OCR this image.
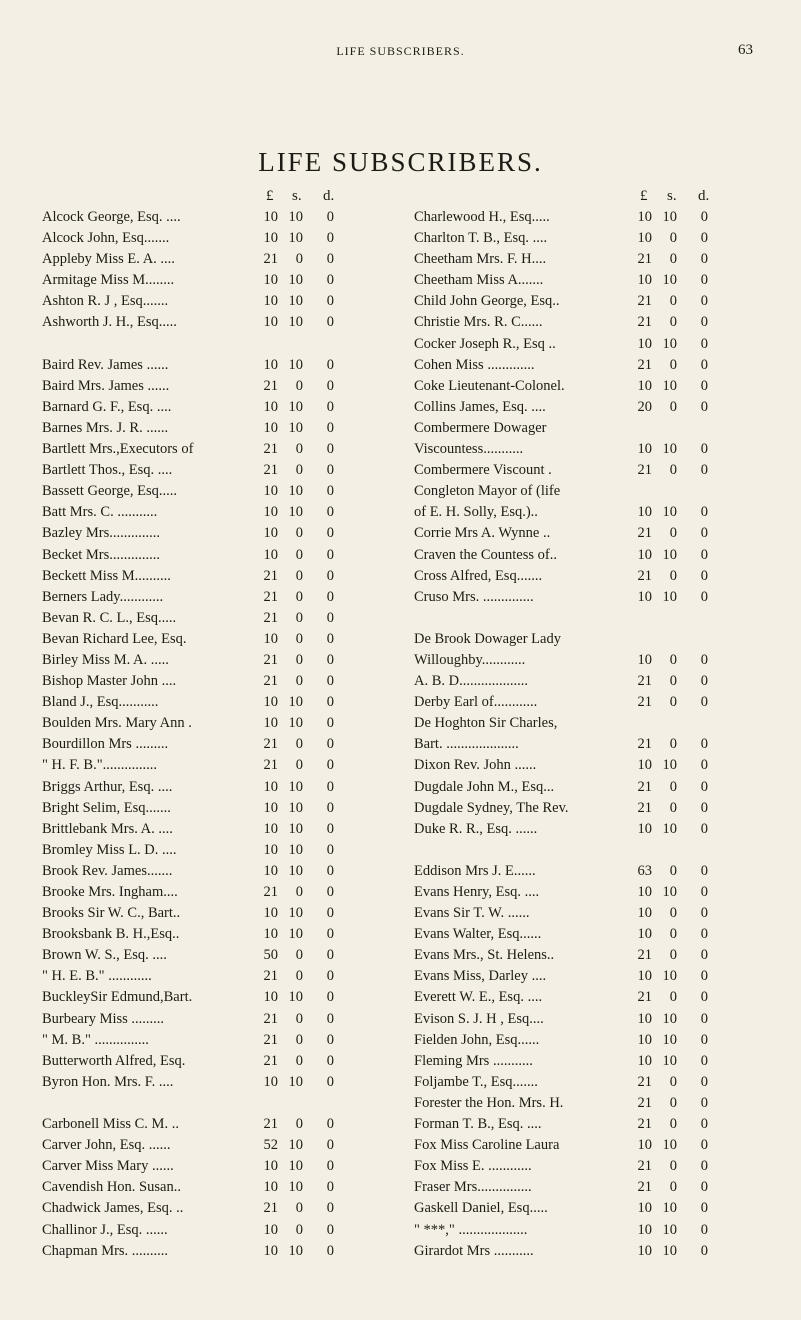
LIFE SUBSCRIBERS.	63
LIFE SUBSCRIBERS.
£ s. d.
Alcock George, Esq. ....	10 10	0
Alcock John, Esq.......	10 10	0
Appleby Miss E. A. ....	21	0	0
Armitage Miss M........	10 10	0
Ashton R. J , Esq.......	10 10	0
Ashworth J. H., Esq.....	10 10	0
Baird Rev. James ......	10 10	0
Baird Mrs. James ......	21	0	0
Barnard G. F., Esq. ....	10 10	0
Barnes Mrs. J. R. ......	10 10	0
Bartlett Mrs.,Executors of	21	0	0
Bartlett Thos., Esq. ....	21	0	0
Bassett George, Esq.....	10 10	0
Batt Mrs. C. ...........	10 10	0
Bazley Mrs..............	10	0	0
Becket Mrs..............	10	0	0
Beckett Miss M..........	21	0	0
Berners Lady............	21	0	0
Bevan R. C. L., Esq.....	21	0	0
Bevan Richard Lee, Esq.	10	0	0
Birley Miss M. A. .....	21	0	0
Bishop Master John ....	21	0	0
Bland J., Esq...........	10 10	0
Boulden Mrs. Mary Ann .	10 10	0
Bourdillon Mrs .........	21	0	0
" H. F. B."...............	21	0	0
Briggs Arthur, Esq. ....	10 10	0
Bright Selim, Esq.......	10 10	0
Brittlebank Mrs. A. ....	10 10	0
Bromley Miss L. D. ....	10 10	0
Brook Rev. James.......	10 10	0
Brooke Mrs. Ingham....	21	0	0
Brooks Sir W. C., Bart..	10 10	0
Brooksbank B. H.,Esq..	10 10	0
Brown W. S., Esq. ....	50	0	0
" H. E. B." ............	21	0	0
BuckleySir Edmund,Bart.	10 10	0
Burbeary Miss .........	21	0	0
" M. B." ...............	21	0	0
Butterworth Alfred, Esq.	21	0	0
Byron Hon. Mrs. F. ....	10 10	0
Carbonell Miss C. M. ..	21	0	0
Carver John, Esq. ......	52 10	0
Carver Miss Mary ......	10 10	0
Cavendish Hon. Susan..	10 10	0
Chadwick James, Esq. ..	21	0	0
Challinor J., Esq. ......	10	0	0
Chapman Mrs. ..........	10 10	0
£ s. d.
Charlewood H., Esq.....	10 10	0
Charlton T. B., Esq. ....	10	0	0
Cheetham Mrs. F. H....	21	0	0
Cheetham Miss A.......	10 10	0
Child John George, Esq..	21	0	0
Christie Mrs. R. C......	21	0	0
Cocker Joseph R., Esq ..	10 10	0
Cohen Miss .............	21	0	0
Coke Lieutenant-Colonel.	10 10	0
Collins James, Esq. ....	20	0	0
Combermere Dowager
Viscountess...........	10 10	0
Combermere Viscount .	21	0	0
Congleton Mayor of (life
of E. H. Solly, Esq.)..	10 10	0
Corrie Mrs A. Wynne ..	21	0	0
Craven the Countess of..	10 10	0
Cross Alfred, Esq.......	21	0	0
Cruso Mrs. ..............	10 10	0
De Brook Dowager Lady
Willoughby............	10	0	0
A. B. D...................	21	0	0
Derby Earl of............	21	0	0
De Hoghton Sir Charles,
Bart. ....................	21	0	0
Dixon Rev. John ......	10 10	0
Dugdale John M., Esq...	21	0	0
Dugdale Sydney, The Rev.	21	0	0
Duke R. R., Esq. ......	10 10	0
Eddison Mrs J. E......	63	0	0
Evans Henry, Esq. ....	10 10	0
Evans Sir T. W. ......	10	0	0
Evans Walter, Esq......	10	0	0
Evans Mrs., St. Helens..	21	0	0
Evans Miss, Darley ....	10 10	0
Everett W. E., Esq. ....	21	0	0
Evison S. J. H , Esq....	10 10	0
Fielden John, Esq......	10 10	0
Fleming Mrs ...........	10 10	0
Foljambe T., Esq.......	21	0	0
Forester the Hon. Mrs. H.	21	0	0
Forman T. B., Esq. ....	21	0	0
Fox Miss Caroline Laura	10 10	0
Fox Miss E. ............	21	0	0
Fraser Mrs...............	21	0	0
Gaskell Daniel, Esq.....	10 10	0
" ***," ...................	10 10	0
Girardot Mrs ...........	10 10	0
